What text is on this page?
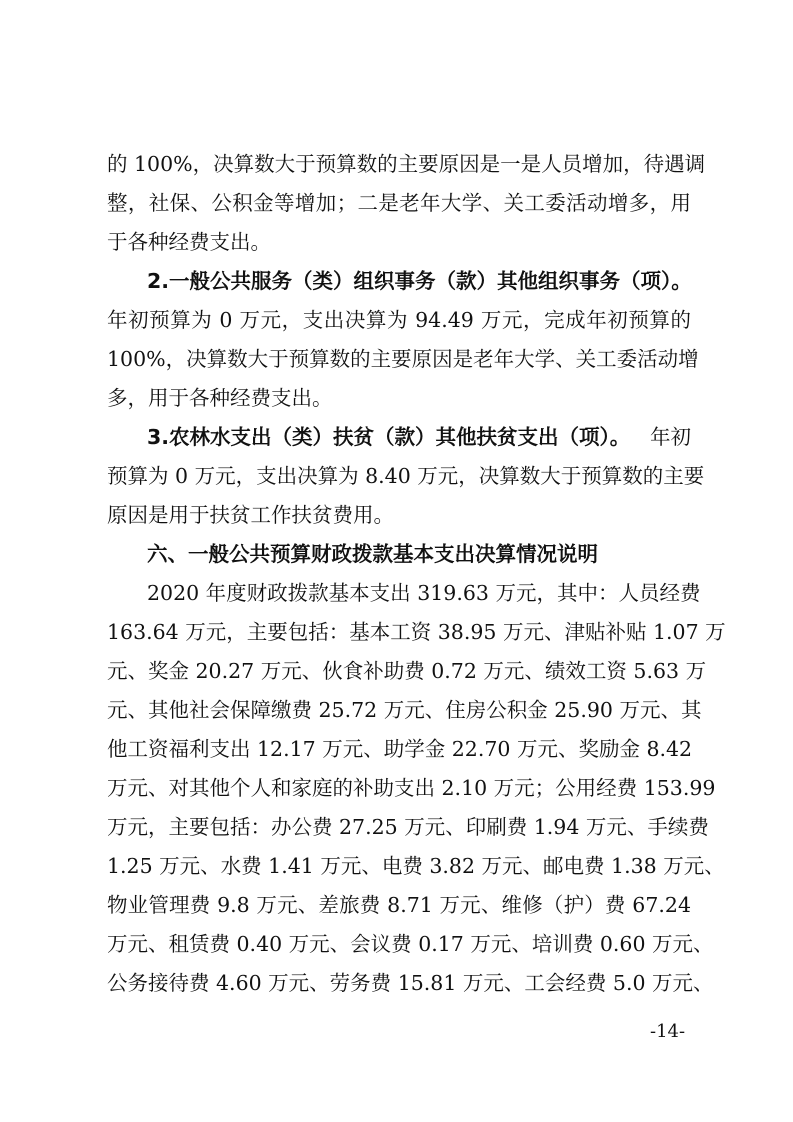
的 100%，决算数大于预算数的主要原因是一是人员增加，待遇调
整，社保、公积金等增加；二是老年大学、关工委活动增多，用
于各种经费支出。
2.一般公共服务（类）组织事务（款）其他组织事务（项）。
年初预算为 0 万元，支出决算为 94.49 万元，完成年初预算的
100%，决算数大于预算数的主要原因是老年大学、关工委活动增
多，用于各种经费支出。
3.农林水支出（类）扶贫（款）其他扶贫支出（项）。 年初
预算为 0 万元，支出决算为 8.40 万元，决算数大于预算数的主要
原因是用于扶贫工作扶贫费用。
六、一般公共预算财政拨款基本支出决算情况说明
2020 年度财政拨款基本支出 319.63 万元，其中：人员经费
163.64 万元，主要包括：基本工资 38.95 万元、津贴补贴 1.07 万
元、奖金 20.27 万元、伙食补助费 0.72 万元、绩效工资 5.63 万
元、其他社会保障缴费 25.72 万元、住房公积金 25.90 万元、其
他工资福利支出 12.17 万元、助学金 22.70 万元、奖励金 8.42
万元、对其他个人和家庭的补助支出 2.10 万元；公用经费 153.99
万元，主要包括：办公费 27.25 万元、印刷费 1.94 万元、手续费
1.25 万元、水费 1.41 万元、电费 3.82 万元、邮电费 1.38 万元、
物业管理费 9.8 万元、差旅费 8.71 万元、维修（护）费 67.24
万元、租赁费 0.40 万元、会议费 0.17 万元、培训费 0.60 万元、
公务接待费 4.60 万元、劳务费 15.81 万元、工会经费 5.0 万元、
-14-
